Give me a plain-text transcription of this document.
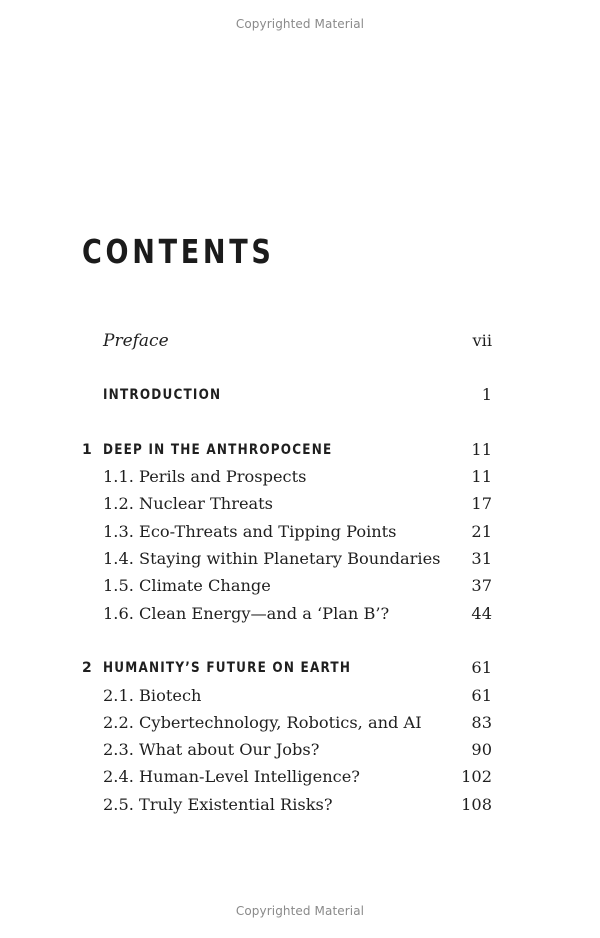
Copyrighted Material
CONTENTS
Preface	vii
INTRODUCTION	1
1 DEEP IN THE ANTHROPOCENE	11
1.1. Perils and Prospects	11
1.2. Nuclear Threats	17
1.3. Eco-Threats and Tipping Points	21
1.4. Staying within Planetary Boundaries 31
1.5. Climate Change	37
1.6. Clean Energy—and a ‘Plan B’?	44
2 HUMANITY’S FUTURE ON EARTH	61
2.1. Biotech	61
2.2. Cybertechnology, Robotics, and AI	83
2.3. What about Our Jobs?	90
2.4. Human-Level Intelligence?	102
2.5. Truly Existential Risks?	108
Copyrighted Material
